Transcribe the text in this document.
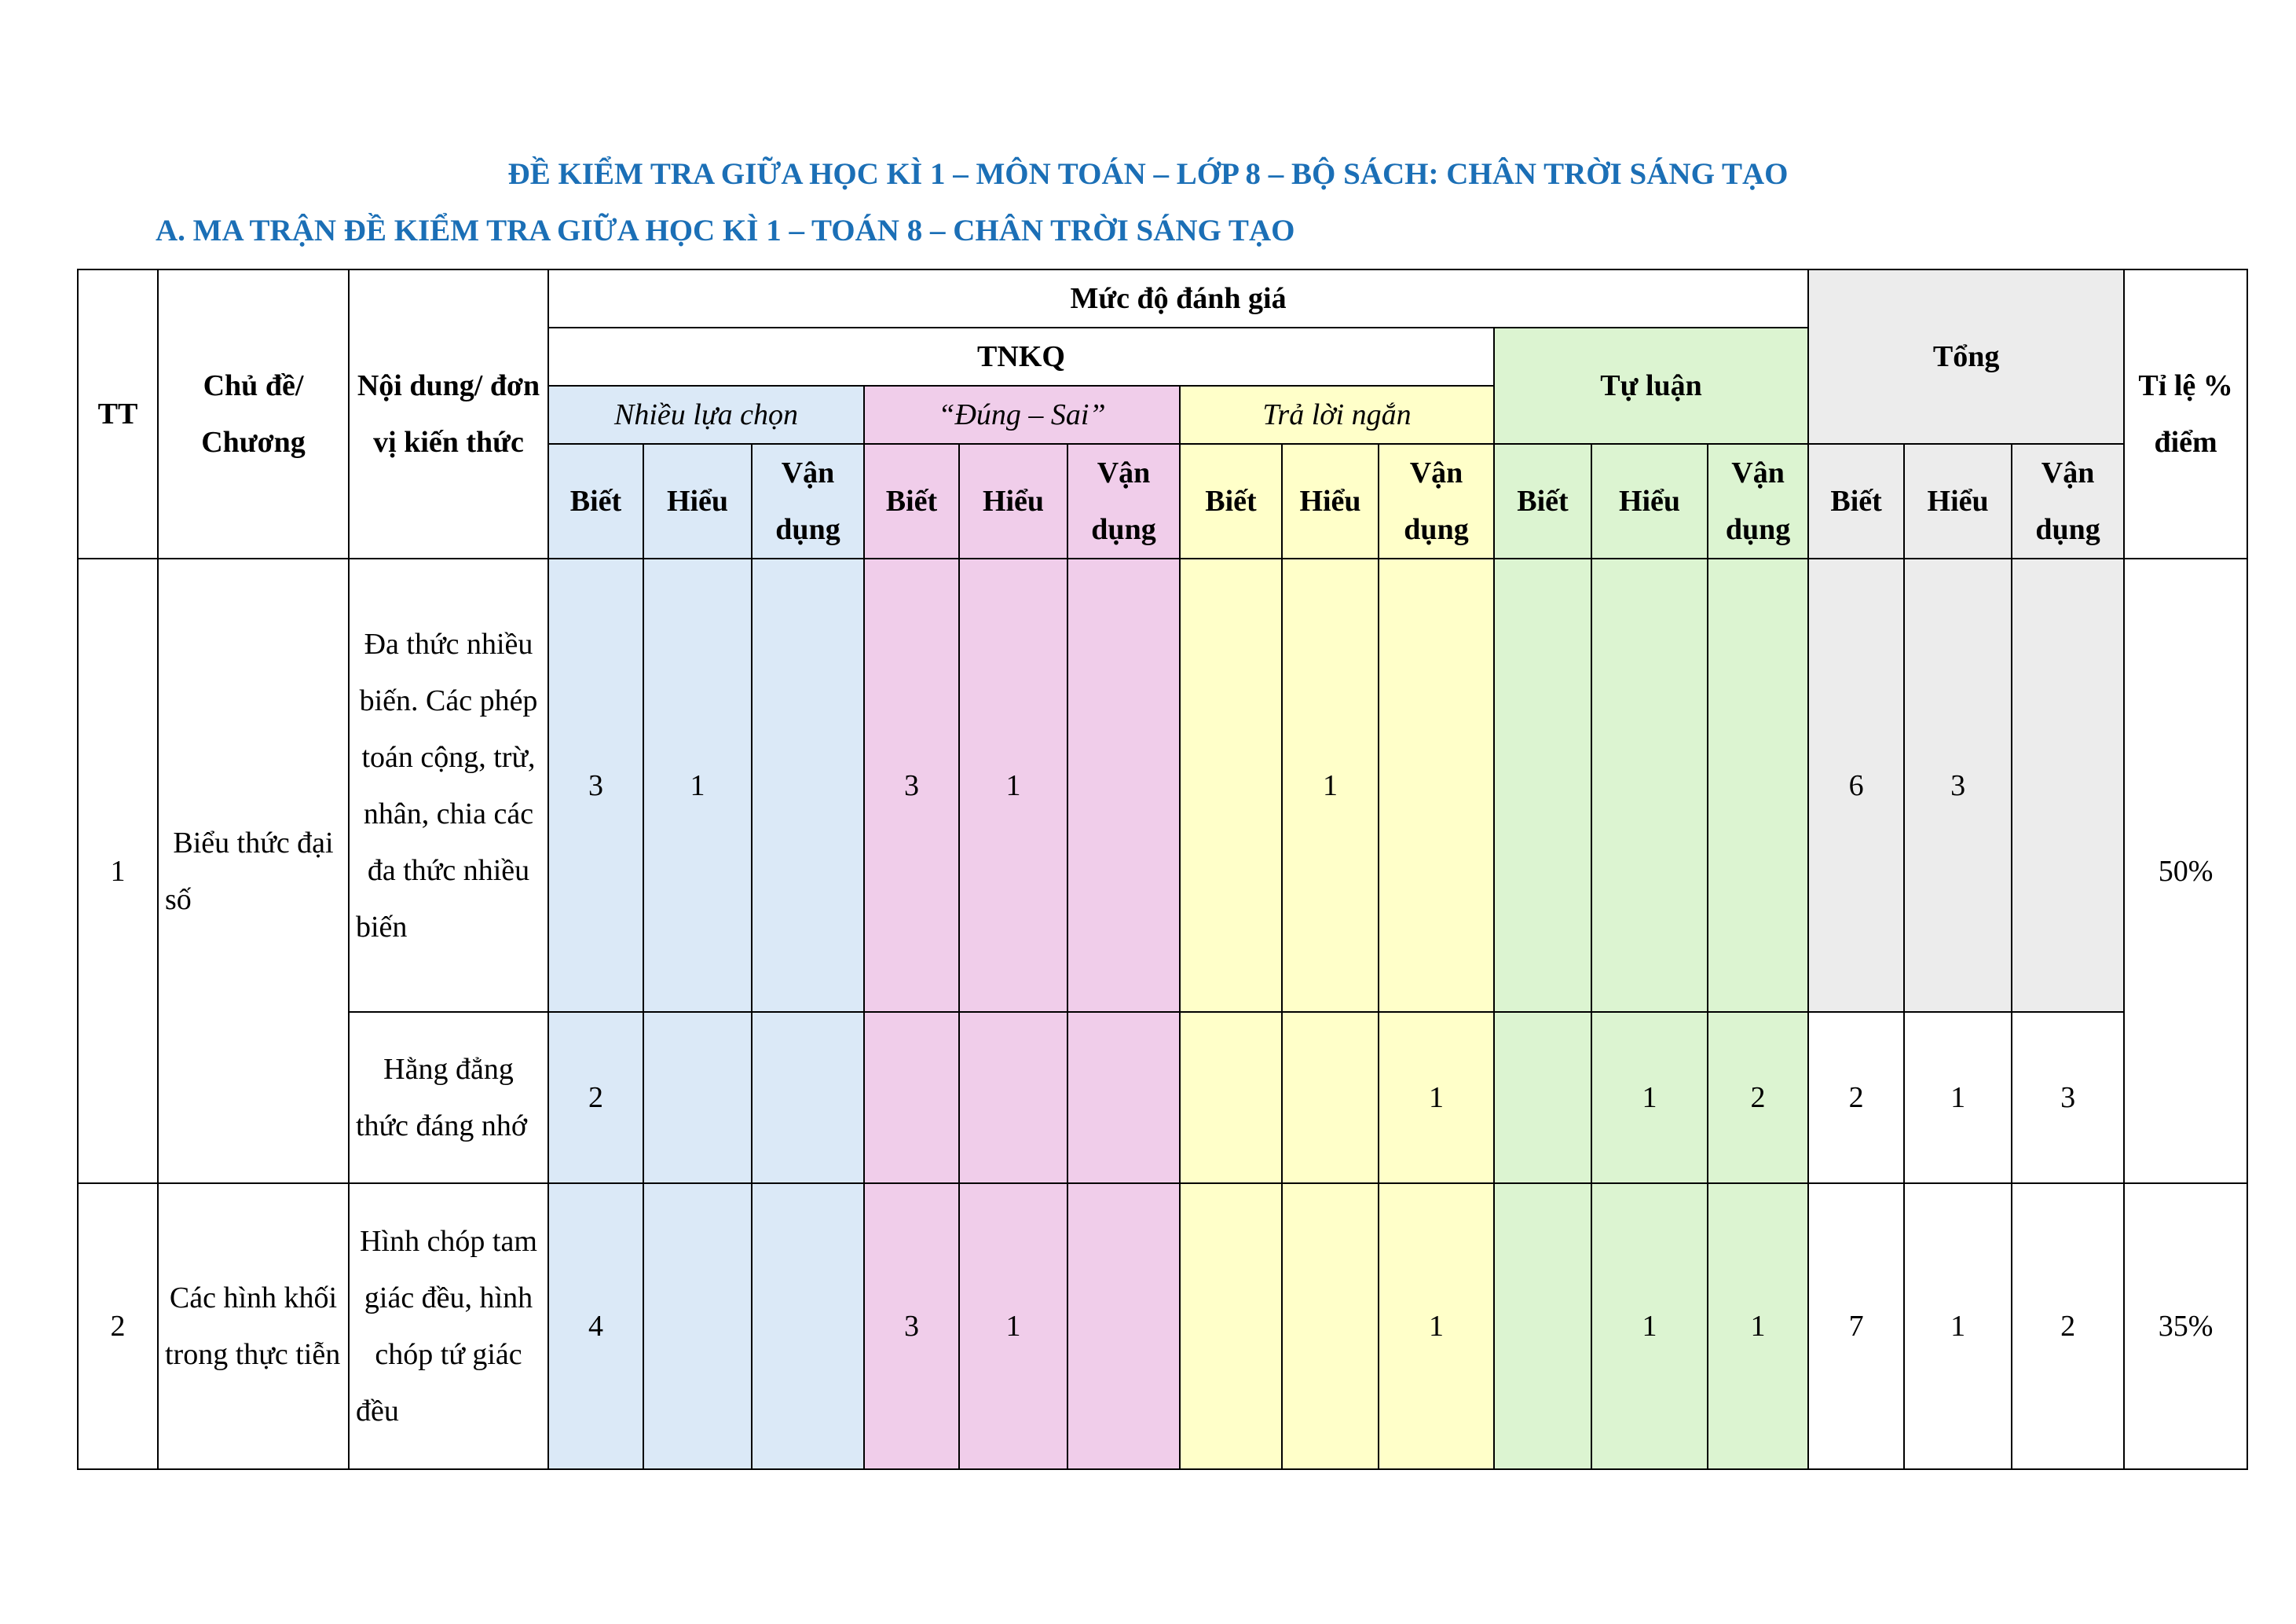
ĐỀ KIỂM TRA GIỮA HỌC KÌ 1 – MÔN TOÁN – LỚP 8 – BỘ SÁCH: CHÂN TRỜI SÁNG TẠO
A. MA TRẬN ĐỀ KIỂM TRA GIỮA HỌC KÌ 1 – TOÁN 8 – CHÂN TRỜI SÁNG TẠO
TT	Chủ đề/ Chương	Nội dung/ đơn vị kiến thức	Mức độ đánh giá												Tổng			Tỉ lệ % điểm
			TNKQ									Tự luận						
			Nhiều lựa chọn			“Đúng – Sai”			Trả lời ngắn									
			Biết	Hiểu	Vận dụng	Biết	Hiểu	Vận dụng	Biết	Hiểu	Vận dụng	Biết	Hiểu	Vận dụng	Biết	Hiểu	Vận dụng	
1	Biểu thức đại số	Đa thức nhiều biến. Các phép toán cộng, trừ, nhân, chia các đa thức nhiều biến	3	1		3	1			1					6	3		50%
		Hằng đẳng thức đáng nhớ	2								1		1	2	2	1	3	
2	Các hình khối trong thực tiễn	Hình chóp tam giác đều, hình chóp tứ giác đều	4			3	1				1		1	1	7	1	2	35%
